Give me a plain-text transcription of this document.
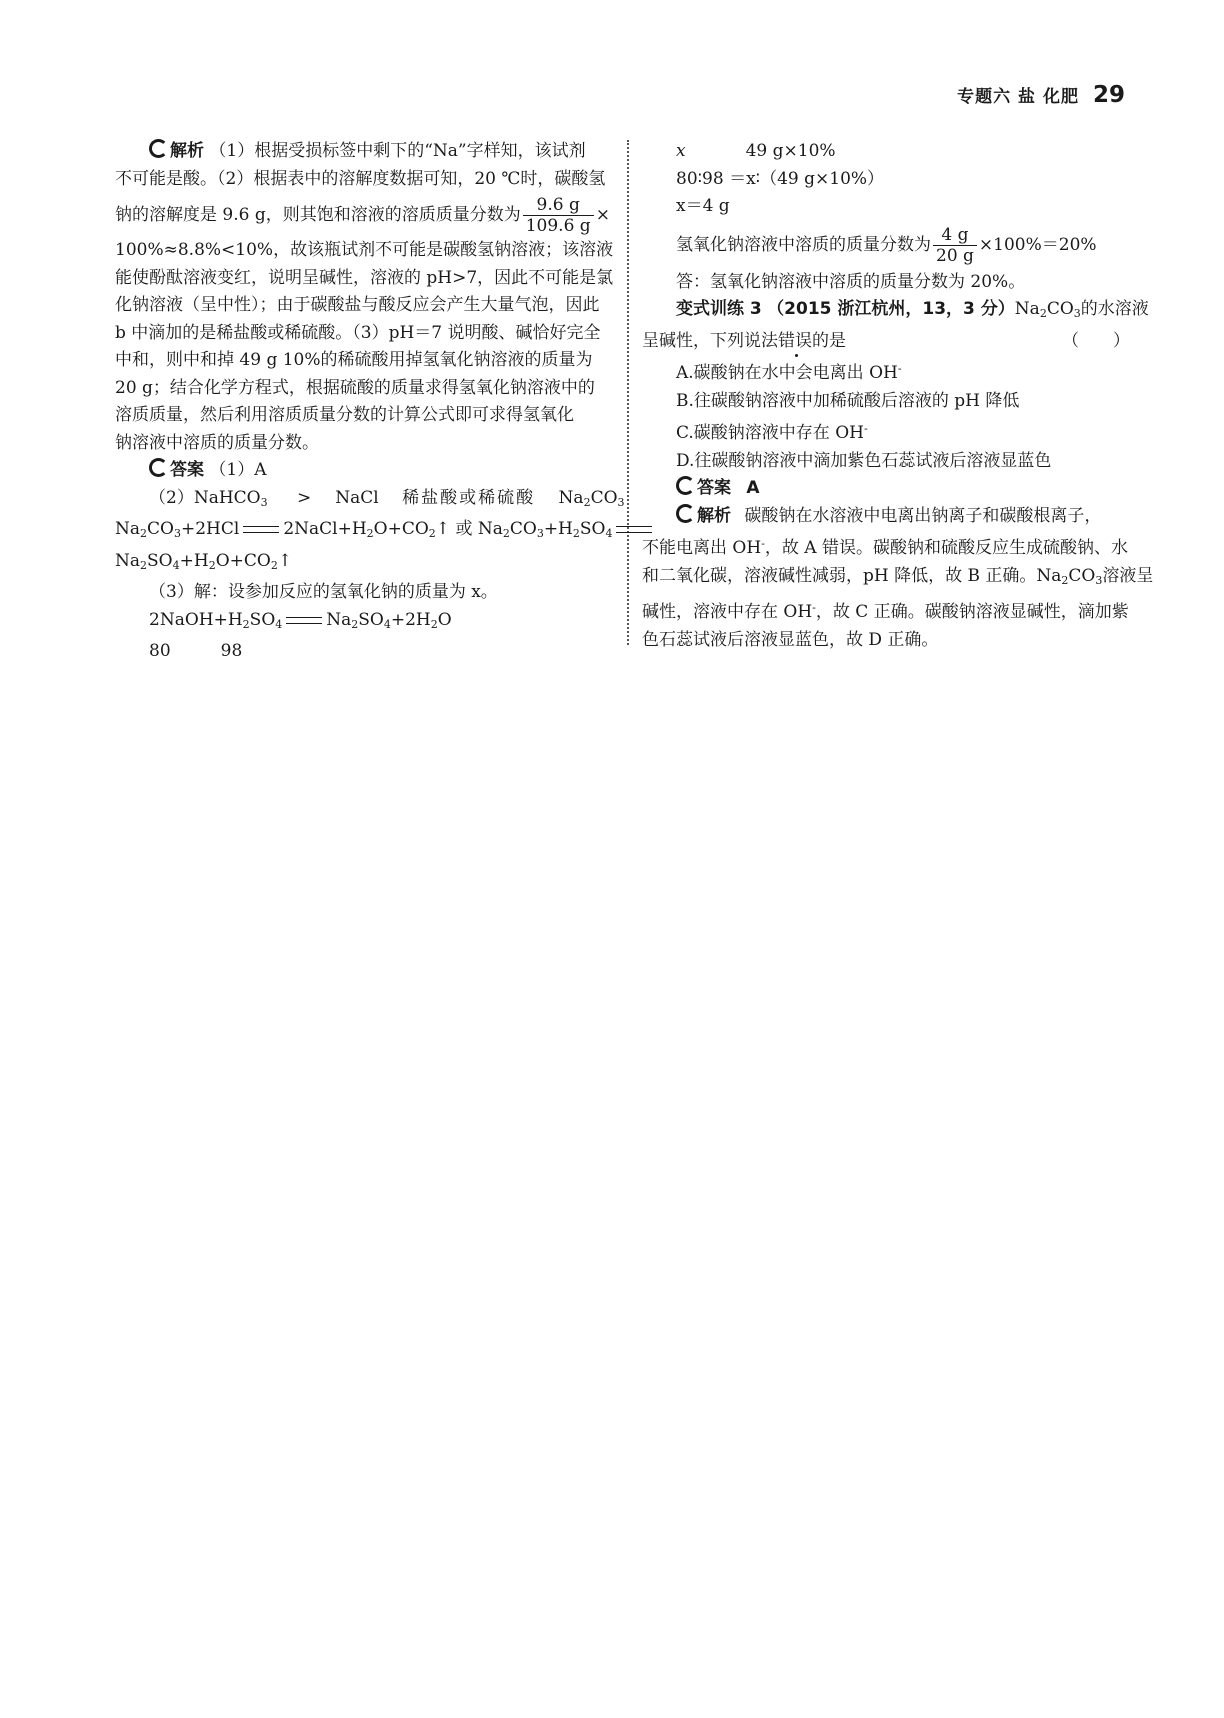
专题六 盐 化肥 29
解析 （1）根据受损标签中剩下的“Na”字样知，该试剂
不可能是酸。（2）根据表中的溶解度数据可知，20 ℃时，碳酸氢
钠的溶解度是 9.6 g，则其饱和溶液的溶质质量分数为 $\frac{9.6 g}{109.6 g}$ ×
100%≈8.8%<10%，故该瓶试剂不可能是碳酸氢钠溶液；该溶液
能使酚酞溶液变红，说明呈碱性，溶液的 pH>7，因此不可能是氯
化钠溶液（呈中性）；由于碳酸盐与酸反应会产生大量气泡，因此
b 中滴加的是稀盐酸或稀硫酸。（3）pH＝7 说明酸、碱恰好完全
中和，则中和掉 49 g 10%的稀硫酸用掉氢氧化钠溶液的质量为
20 g；结合化学方程式，根据硫酸的质量求得氢氧化钠溶液中的
溶质质量，然后利用溶质质量分数的计算公式即可求得氢氧化
钠溶液中溶质的质量分数。
答案 （1）A
（2）NaHCO$_3$ > NaCl 稀盐酸或稀硫酸 $Na_2CO_3$
$Na_2CO_3+2HCl$	$2NaCl+H_2O+CO_2↑$ 或 $Na_2CO_3+H_2SO_4$
$Na_2SO_4+H_2O+CO_2↑$
（3）解：设参加反应的氢氧化钠的质量为 x。
$2NaOH+H_2SO_4$	$Na_2SO_4+2H_2O$
80	98
x	49 g×10%
80∶98 ＝x∶（49 g×10%）
x＝4 g
氢氧化钠溶液中溶质的质量分数为 $\frac{4 g}{20 g} \times 100\%=20\%$
答：氢氧化钠溶液中溶质的质量分数为 20%。
变式训练 3 （2015 浙江杭州，13，3 分）$Na_2CO_3$的水溶液
呈碱性，下列说法错误的是	（　　）
A.碳酸钠在水中会电离出 OH-
B.往碳酸钠溶液中加稀硫酸后溶液的 pH 降低
C.碳酸钠溶液中存在 OH-
D.往碳酸钠溶液中滴加紫色石蕊试液后溶液显蓝色
答案 A
解析 碳酸钠在水溶液中电离出钠离子和碳酸根离子，
不能电离出 OH-，故 A 错误。碳酸钠和硫酸反应生成硫酸钠、水
和二氧化碳，溶液碱性减弱，pH 降低，故 B 正确。$Na_2CO_3$溶液呈
碱性，溶液中存在 OH-，故 C 正确。碳酸钠溶液显碱性，滴加紫
色石蕊试液后溶液显蓝色，故 D 正确。
